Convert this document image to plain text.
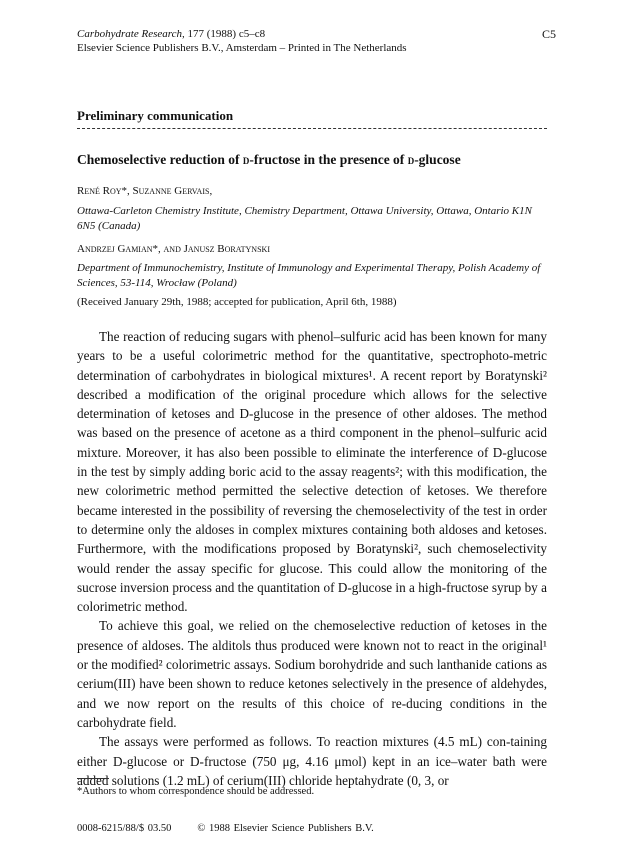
Carbohydrate Research, 177 (1988) c5–c8
Elsevier Science Publishers B.V., Amsterdam – Printed in The Netherlands
C5
Preliminary communication
Chemoselective reduction of d-fructose in the presence of d-glucose
René Roy*, Suzanne Gervais,
Ottawa-Carleton Chemistry Institute, Chemistry Department, Ottawa University, Ottawa, Ontario K1N 6N5 (Canada)
Andrzej Gamian*, and Janusz Boratynski
Department of Immunochemistry, Institute of Immunology and Experimental Therapy, Polish Academy of Sciences, 53-114, Wrocław (Poland)
(Received January 29th, 1988; accepted for publication, April 6th, 1988)

The reaction of reducing sugars with phenol–sulfuric acid has been known for many years to be a useful colorimetric method for the quantitative, spectrophoto-metric determination of carbohydrates in biological mixtures¹. A recent report by Boratynski² described a modification of the original procedure which allows for the selective determination of ketoses and D-glucose in the presence of other aldoses. The method was based on the presence of acetone as a third component in the phenol–sulfuric acid mixture. Moreover, it has also been possible to eliminate the interference of D-glucose in the test by simply adding boric acid to the assay reagents²; with this modification, the new colorimetric method permitted the selective detection of ketoses. We therefore became interested in the possibility of reversing the chemoselectivity of the test in order to determine only the aldoses in complex mixtures containing both aldoses and ketoses. Furthermore, with the modifications proposed by Boratynski², such chemoselectivity would render the assay specific for glucose. This could allow the monitoring of the sucrose inversion process and the quantitation of D-glucose in a high-fructose syrup by a colorimetric method.

To achieve this goal, we relied on the chemoselective reduction of ketoses in the presence of aldoses. The alditols thus produced were known not to react in the original¹ or the modified² colorimetric assays. Sodium borohydride and such lanthanide cations as cerium(III) have been shown to reduce ketones selectively in the presence of aldehydes, and we now report on the results of this choice of re-ducing conditions in the carbohydrate field.

The assays were performed as follows. To reaction mixtures (4.5 mL) con-taining either D-glucose or D-fructose (750 μg, 4.16 μmol) kept in an ice–water bath were added solutions (1.2 mL) of cerium(III) chloride heptahydrate (0, 3, or

*Authors to whom correspondence should be addressed.
0008-6215/88/$ 03.50 © 1988 Elsevier Science Publishers B.V.
